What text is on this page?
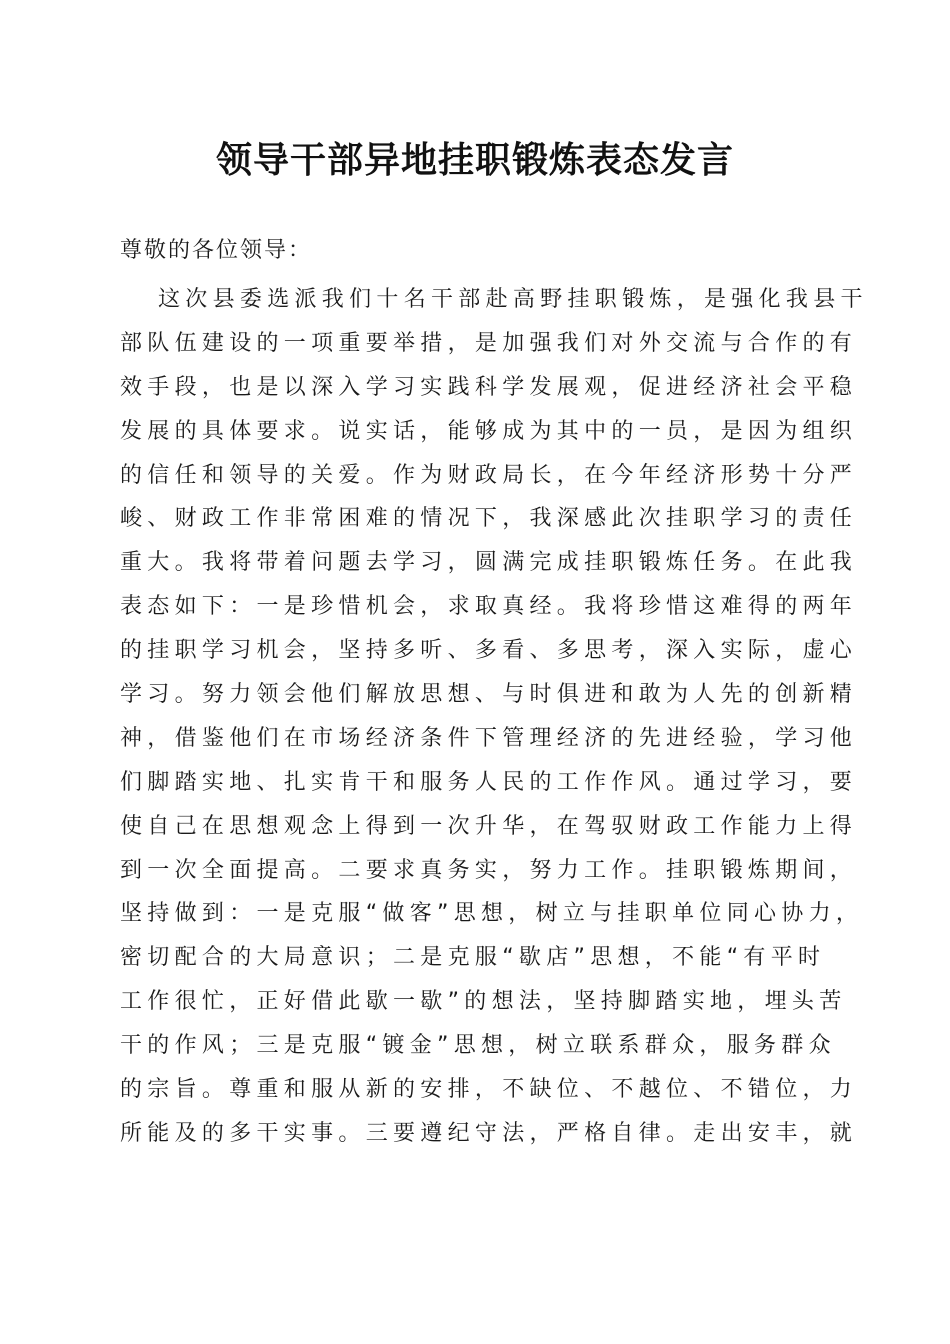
领导干部异地挂职锻炼表态发言
尊敬的各位领导：
这次县委选派我们十名干部赴高野挂职锻炼，是强化我县干
部队伍建设的一项重要举措，是加强我们对外交流与合作的有
效手段，也是以深入学习实践科学发展观，促进经济社会平稳
发展的具体要求。说实话，能够成为其中的一员，是因为组织
的信任和领导的关爱。作为财政局长，在今年经济形势十分严
峻、财政工作非常困难的情况下，我深感此次挂职学习的责任
重大。我将带着问题去学习，圆满完成挂职锻炼任务。在此我
表态如下：一是珍惜机会，求取真经。我将珍惜这难得的两年
的挂职学习机会，坚持多听、多看、多思考，深入实际，虚心
学习。努力领会他们解放思想、与时俱进和敢为人先的创新精
神，借鉴他们在市场经济条件下管理经济的先进经验，学习他
们脚踏实地、扎实肯干和服务人民的工作作风。通过学习，要
使自己在思想观念上得到一次升华，在驾驭财政工作能力上得
到一次全面提高。二要求真务实，努力工作。挂职锻炼期间，
坚持做到：一是克服“做客”思想，树立与挂职单位同心协力，
密切配合的大局意识；二是克服“歇店”思想，不能“有平时
工作很忙，正好借此歇一歇”的想法，坚持脚踏实地，埋头苦
干的作风；三是克服“镀金”思想，树立联系群众，服务群众
的宗旨。尊重和服从新的安排，不缺位、不越位、不错位，力
所能及的多干实事。三要遵纪守法，严格自律。走出安丰，就
